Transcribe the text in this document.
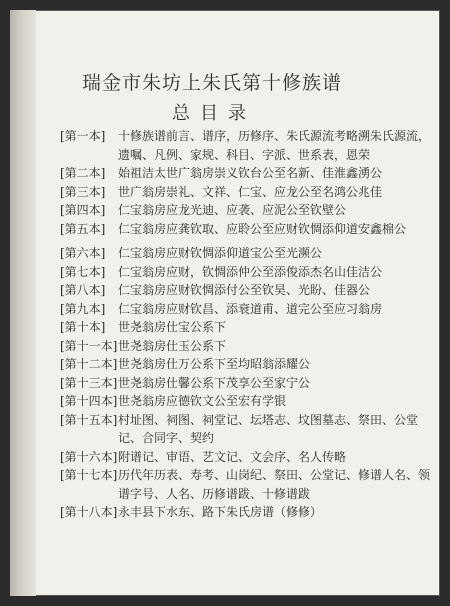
瑞金市朱坊上朱氏第十修族谱
总目录
[第一本] 十修族谱前言、谱序，历修序、朱氏源流考略溯朱氏源流，遗嘱、凡例、家规、科目、字派、世系表，恩荣
[第二本] 始祖洁太世广翁房崇义钦台公至名新、佳淮鑫湧公
[第三本] 世广翁房崇礼、文祥、仁宝、应龙公至名鸿公兆佳
[第四本] 仁宝翁房应龙光迪、应袭、应泥公至钦壁公
[第五本] 仁宝翁房应龚钦取、应聆公至应财钦惆添仰道安鑫棉公
[第六本] 仁宝翁房应财钦惆添仰道宝公至光濒公
[第七本] 仁宝翁房应财，钦惆添仲公至添俊添杰名山佳洁公
[第八本] 仁宝翁房应财钦惆添付公至钦昊、光盼、佳器公
[第九本] 仁宝翁房应财钦昌、添衰道甫、道完公至应习翁房
[第十本] 世尧翁房仕宝公系下
[第十一本] 世尧翁房仕玉公系下
[第十二本] 世尧翁房仕万公系下至均昭翁添耀公
[第十三本] 世尧翁房仕馨公系下茂享公至家宁公
[第十四本] 世尧翁房应德钦文公至宏有学银
[第十五本] 村址图、祠图、祠堂记、坛塔志、坟图墓志、祭田、公堂记、合同字、契约
[第十六本] 附谱记、审语、艺文记、文会序、名人传略
[第十七本] 历代年历表、寿考、山岗纪、祭田、公堂记、修谱人名、领谱字号、人名、历修谱跋、十修谱跋
[第十八本] 永丰县下水东、路下朱氏房谱（修修）
